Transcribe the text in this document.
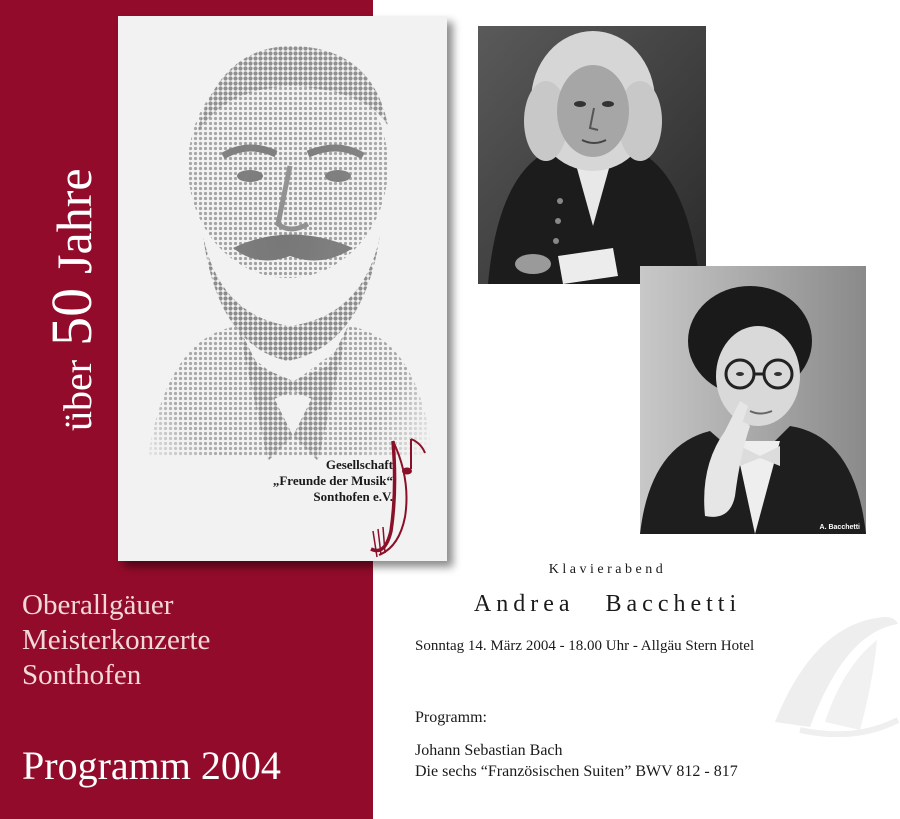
über
50
Jahre
Gesellschaft
„Freunde der Musik“
Sonthofen e.V.
Oberallgäuer
Meisterkonzerte
Sonthofen
Programm 2004
A. Bacchetti
Klavierabend
Andrea Bacchetti
Sonntag 14. März 2004 - 18.00 Uhr - Allgäu Stern Hotel
Programm:
Johann Sebastian Bach
Die sechs “Französischen Suiten” BWV 812 - 817
